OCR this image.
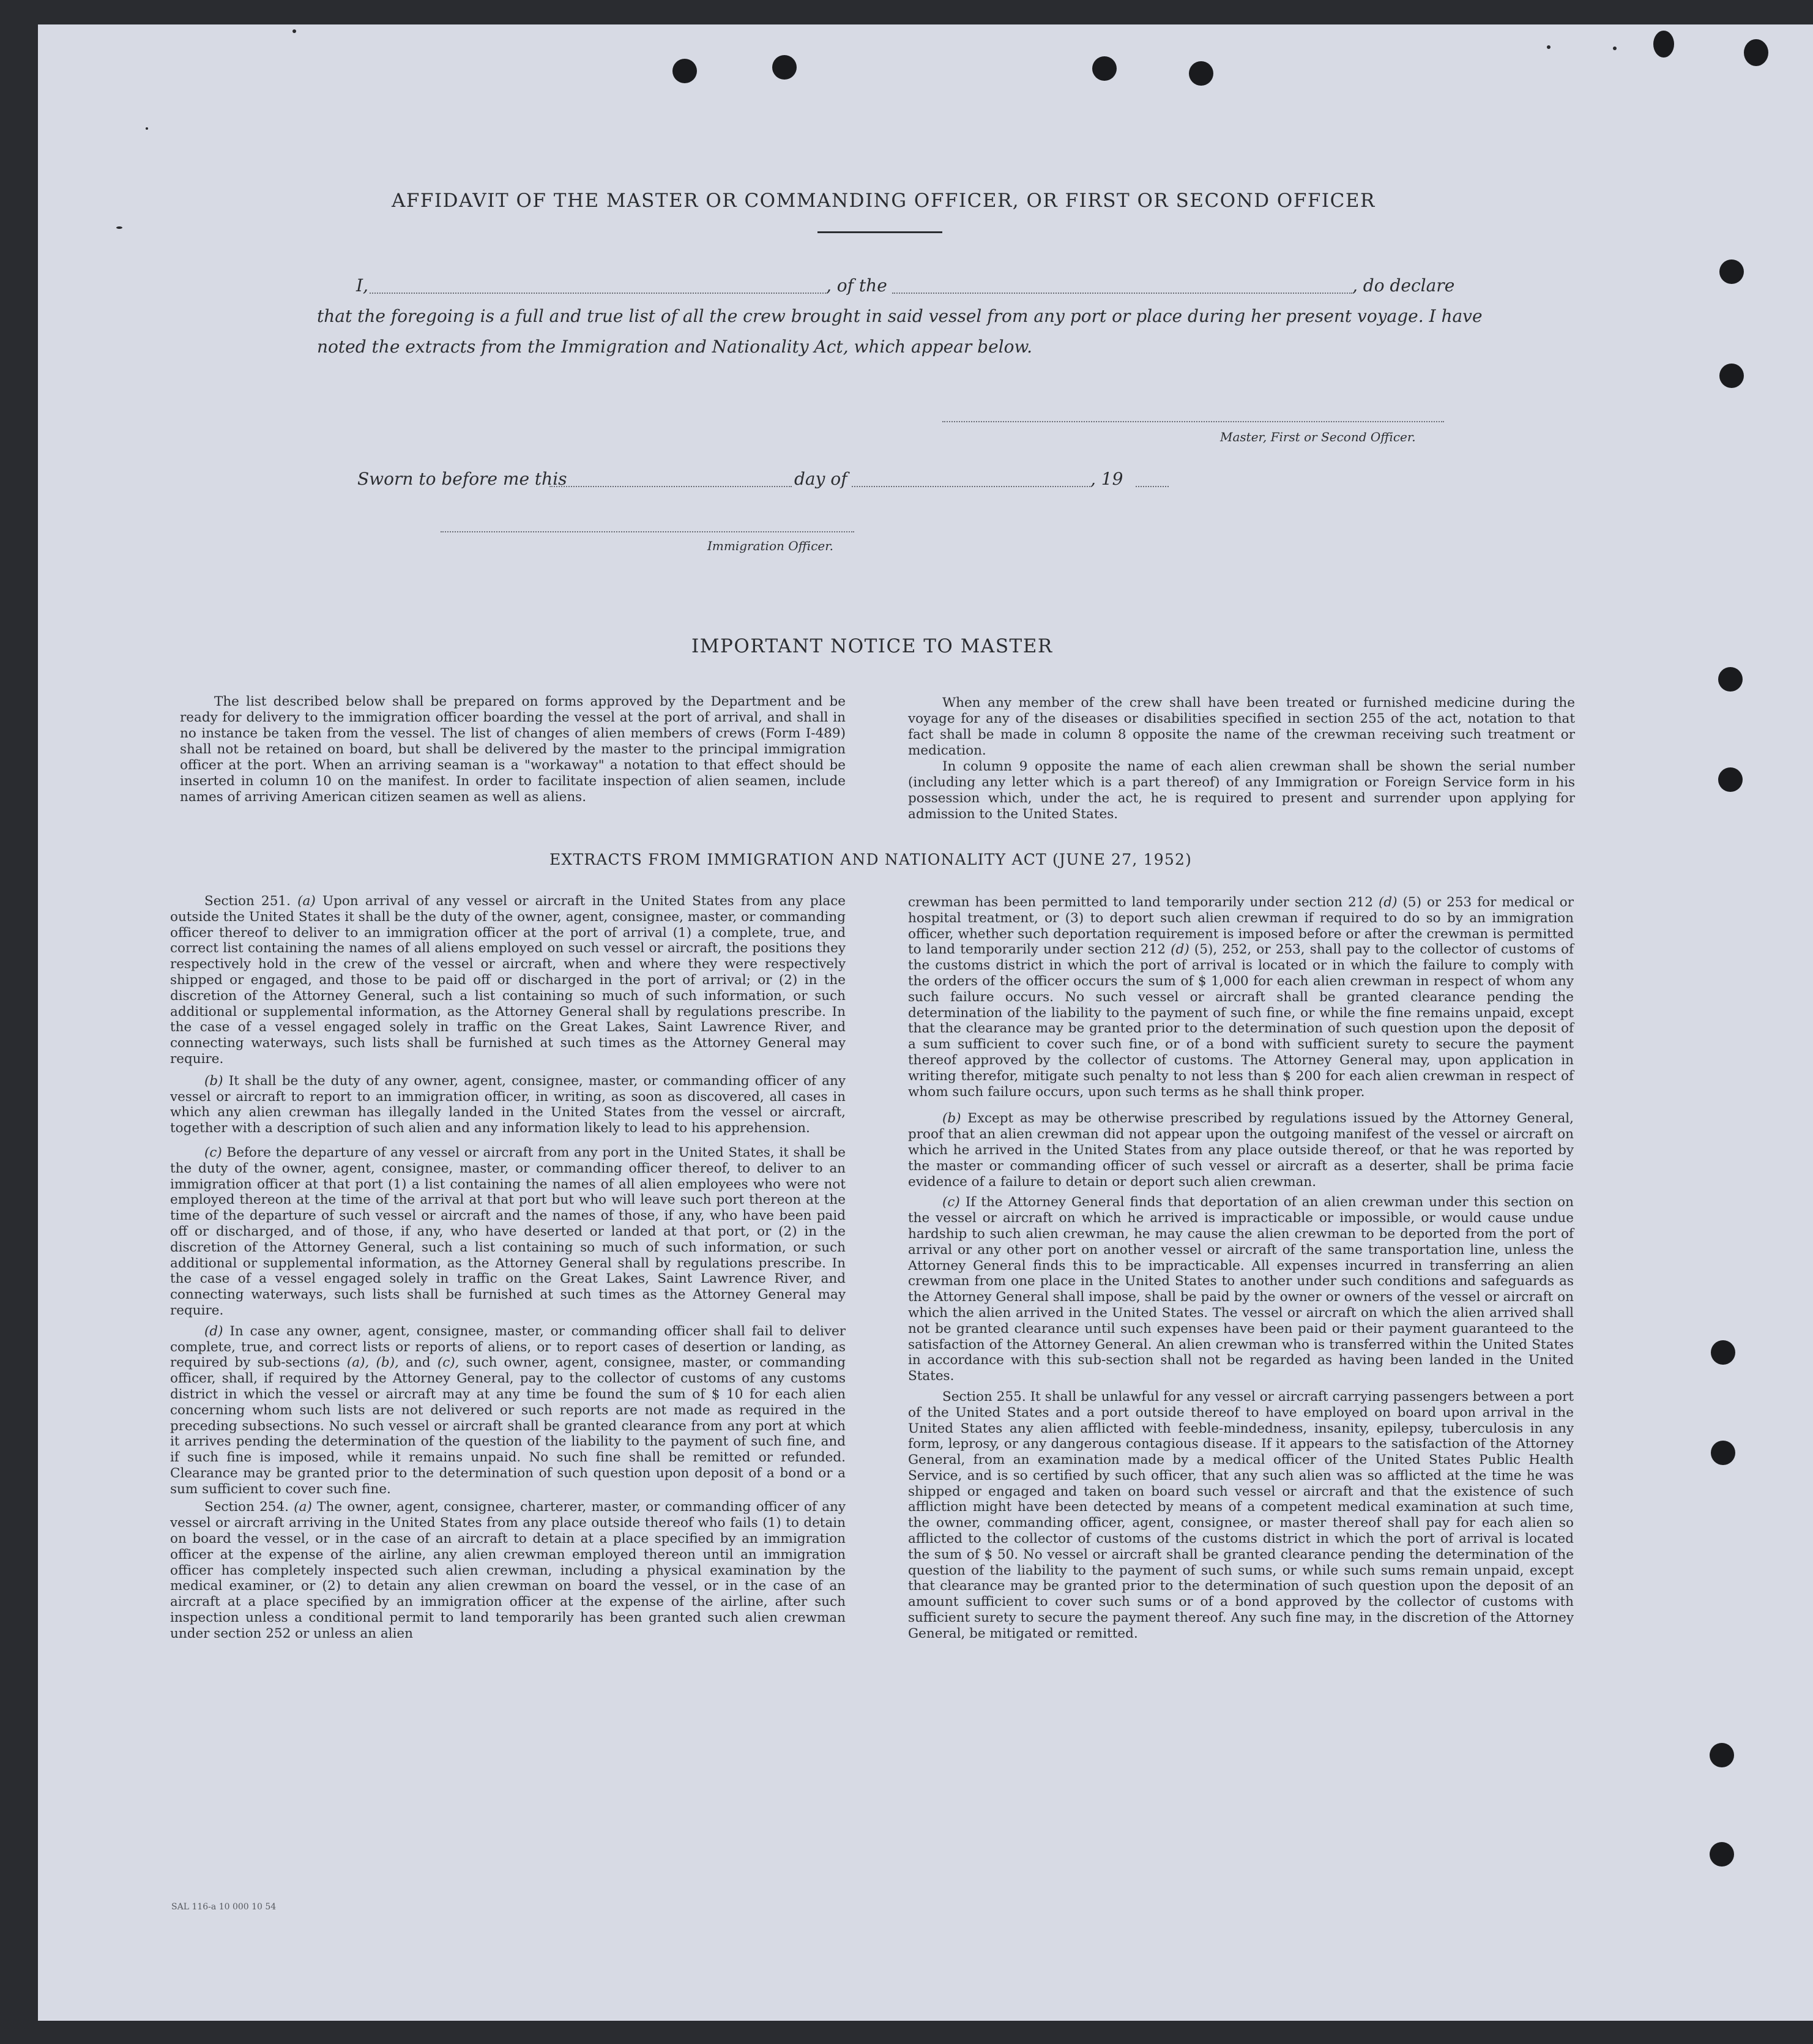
AFFIDAVIT OF THE MASTER OR COMMANDING OFFICER, OR FIRST OR SECOND OFFICER
I,	, of the	, do declare
that the foregoing is a full and true list of all the crew brought in said vessel from any port or place during her present voyage. I have
noted the extracts from the Immigration and Nationality Act, which appear below.
Master, First or Second Officer.
Sworn to before me this	day of	, 19
Immigration Officer.
IMPORTANT NOTICE TO MASTER

The list described below shall be prepared on forms approved by the Department and be ready for delivery to the immigration officer boarding the vessel at the port of arrival, and shall in no instance be taken from the vessel. The list of changes of alien members of crews (Form I-489) shall not be retained on board, but shall be delivered by the master to the principal immigration officer at the port. When an arriving seaman is a "workaway" a notation to that effect should be inserted in column 10 on the manifest. In order to facilitate inspection of alien seamen, include names of arriving American citizen seamen as well as aliens.

When any member of the crew shall have been treated or furnished medicine during the voyage for any of the diseases or disabilities specified in section 255 of the act, notation to that fact shall be made in column 8 opposite the name of the crewman receiving such treatment or medication.

In column 9 opposite the name of each alien crewman shall be shown the serial number (including any letter which is a part thereof) of any Immigration or Foreign Service form in his possession which, under the act, he is required to present and surrender upon applying for admission to the United States.

EXTRACTS FROM IMMIGRATION AND NATIONALITY ACT (JUNE 27, 1952)

Section 251. (a) Upon arrival of any vessel or aircraft in the United States from any place outside the United States it shall be the duty of the owner, agent, consignee, master, or commanding officer thereof to deliver to an immigration officer at the port of arrival (1) a complete, true, and correct list containing the names of all aliens employed on such vessel or aircraft, the positions they respectively hold in the crew of the vessel or aircraft, when and where they were respectively shipped or engaged, and those to be paid off or discharged in the port of arrival; or (2) in the discretion of the Attorney General, such a list containing so much of such information, or such additional or supplemental information, as the Attorney General shall by regulations prescribe. In the case of a vessel engaged solely in traffic on the Great Lakes, Saint Lawrence River, and connecting waterways, such lists shall be furnished at such times as the Attorney General may require.

(b) It shall be the duty of any owner, agent, consignee, master, or commanding officer of any vessel or aircraft to report to an immigration officer, in writing, as soon as discovered, all cases in which any alien crewman has illegally landed in the United States from the vessel or aircraft, together with a description of such alien and any information likely to lead to his apprehension.

(c) Before the departure of any vessel or aircraft from any port in the United States, it shall be the duty of the owner, agent, consignee, master, or commanding officer thereof, to deliver to an immigration officer at that port (1) a list containing the names of all alien employees who were not employed thereon at the time of the arrival at that port but who will leave such port thereon at the time of the departure of such vessel or aircraft and the names of those, if any, who have been paid off or discharged, and of those, if any, who have deserted or landed at that port, or (2) in the discretion of the Attorney General, such a list containing so much of such information, or such additional or supplemental information, as the Attorney General shall by regulations prescribe. In the case of a vessel engaged solely in traffic on the Great Lakes, Saint Lawrence River, and connecting waterways, such lists shall be furnished at such times as the Attorney General may require.

(d) In case any owner, agent, consignee, master, or commanding officer shall fail to deliver complete, true, and correct lists or reports of aliens, or to report cases of desertion or landing, as required by sub-sections (a), (b), and (c), such owner, agent, consignee, master, or commanding officer, shall, if required by the Attorney General, pay to the collector of customs of any customs district in which the vessel or aircraft may at any time be found the sum of $ 10 for each alien concerning whom such lists are not delivered or such reports are not made as required in the preceding subsections. No such vessel or aircraft shall be granted clearance from any port at which it arrives pending the determination of the question of the liability to the payment of such fine, and if such fine is imposed, while it remains unpaid. No such fine shall be remitted or refunded. Clearance may be granted prior to the determination of such question upon deposit of a bond or a sum sufficient to cover such fine.

Section 254. (a) The owner, agent, consignee, charterer, master, or commanding officer of any vessel or aircraft arriving in the United States from any place outside thereof who fails (1) to detain on board the vessel, or in the case of an aircraft to detain at a place specified by an immigration officer at the expense of the airline, any alien crewman employed thereon until an immigration officer has completely inspected such alien crewman, including a physical examination by the medical examiner, or (2) to detain any alien crewman on board the vessel, or in the case of an aircraft at a place specified by an immigration officer at the expense of the airline, after such inspection unless a conditional permit to land temporarily has been granted such alien crewman under section 252 or unless an alien

crewman has been permitted to land temporarily under section 212 (d) (5) or 253 for medical or hospital treatment, or (3) to deport such alien crewman if required to do so by an immigration officer, whether such deportation requirement is imposed before or after the crewman is permitted to land temporarily under section 212 (d) (5), 252, or 253, shall pay to the collector of customs of the customs district in which the port of arrival is located or in which the failure to comply with the orders of the officer occurs the sum of $ 1,000 for each alien crewman in respect of whom any such failure occurs. No such vessel or aircraft shall be granted clearance pending the determination of the liability to the payment of such fine, or while the fine remains unpaid, except that the clearance may be granted prior to the determination of such question upon the deposit of a sum sufficient to cover such fine, or of a bond with sufficient surety to secure the payment thereof approved by the collector of customs. The Attorney General may, upon application in writing therefor, mitigate such penalty to not less than $ 200 for each alien crewman in respect of whom such failure occurs, upon such terms as he shall think proper.

(b) Except as may be otherwise prescribed by regulations issued by the Attorney General, proof that an alien crewman did not appear upon the outgoing manifest of the vessel or aircraft on which he arrived in the United States from any place outside thereof, or that he was reported by the master or commanding officer of such vessel or aircraft as a deserter, shall be prima facie evidence of a failure to detain or deport such alien crewman.

(c) If the Attorney General finds that deportation of an alien crewman under this section on the vessel or aircraft on which he arrived is impracticable or impossible, or would cause undue hardship to such alien crewman, he may cause the alien crewman to be deported from the port of arrival or any other port on another vessel or aircraft of the same transportation line, unless the Attorney General finds this to be impracticable. All expenses incurred in transferring an alien crewman from one place in the United States to another under such conditions and safeguards as the Attorney General shall impose, shall be paid by the owner or owners of the vessel or aircraft on which the alien arrived in the United States. The vessel or aircraft on which the alien arrived shall not be granted clearance until such expenses have been paid or their payment guaranteed to the satisfaction of the Attorney General. An alien crewman who is transferred within the United States in accordance with this sub-section shall not be regarded as having been landed in the United States.

Section 255. It shall be unlawful for any vessel or aircraft carrying passengers between a port of the United States and a port outside thereof to have employed on board upon arrival in the United States any alien afflicted with feeble-mindedness, insanity, epilepsy, tuberculosis in any form, leprosy, or any dangerous contagious disease. If it appears to the satisfaction of the Attorney General, from an examination made by a medical officer of the United States Public Health Service, and is so certified by such officer, that any such alien was so afflicted at the time he was shipped or engaged and taken on board such vessel or aircraft and that the existence of such affliction might have been detected by means of a competent medical examination at such time, the owner, commanding officer, agent, consignee, or master thereof shall pay for each alien so afflicted to the collector of customs of the customs district in which the port of arrival is located the sum of $ 50. No vessel or aircraft shall be granted clearance pending the determination of the question of the liability to the payment of such sums, or while such sums remain unpaid, except that clearance may be granted prior to the determination of such question upon the deposit of an amount sufficient to cover such sums or of a bond approved by the collector of customs with sufficient surety to secure the payment thereof. Any such fine may, in the discretion of the Attorney General, be mitigated or remitted.

SAL 116-a 10 000 10 54
